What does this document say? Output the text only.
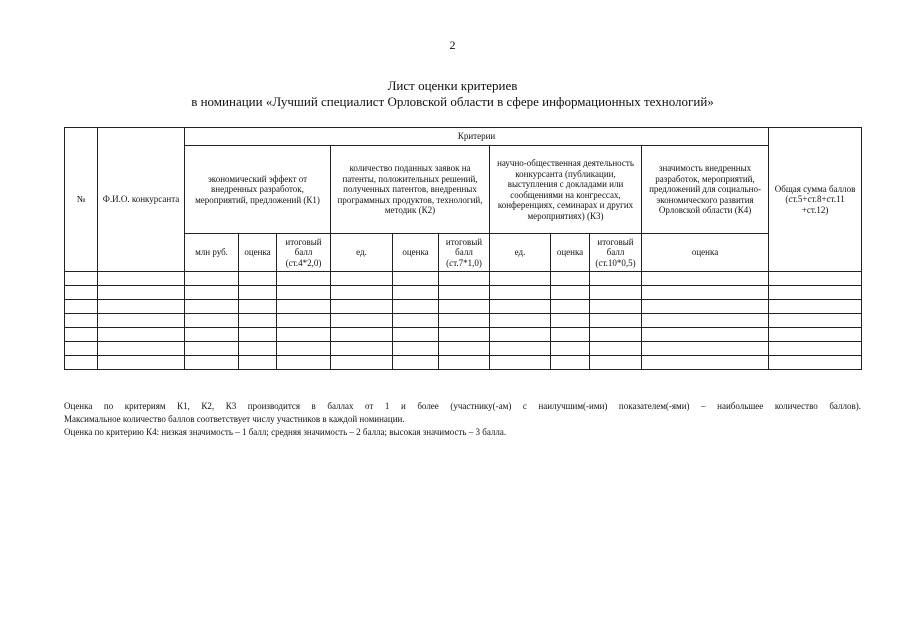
2
Лист оценки критериев
в номинации «Лучший специалист Орловской области в сфере информационных технологий»
№	Ф.И.О. конкурсанта	Критерии										Общая сумма баллов (ст.5+ст.8+ст.11 +ст.12)
		экономический эффект от внедренных разработок, мероприятий, предложений (К1)			количество поданных заявок на патенты, положительных решений, полученных патентов, внедренных программных продуктов, технологий, методик (К2)			научно-общественная деятельность конкурсанта (публикации, выступления с докладами или сообщениями на конгрессах, конференциях, семинарах и других мероприятиях) (К3)			значимость внедренных разработок, мероприятий, предложений для социально-экономического развития Орловской области (К4)	
		млн руб.	оценка	итоговый балл (ст.4*2,0)	ед.	оценка	итоговый балл (ст.7*1,0)	ед.	оценка	итоговый балл (ст.10*0,5)	оценка	

Оценка по критериям К1, К2, К3 производится в баллах от 1 и более (участнику(-ам) с наилучшим(-ими) показателем(-ями) – наибольшее количество баллов).

Максимальное количество баллов соответствует числу участников в каждой номинации.

Оценка по критерию К4: низкая значимость – 1 балл; средняя значимость – 2 балла; высокая значимость – 3 балла.
